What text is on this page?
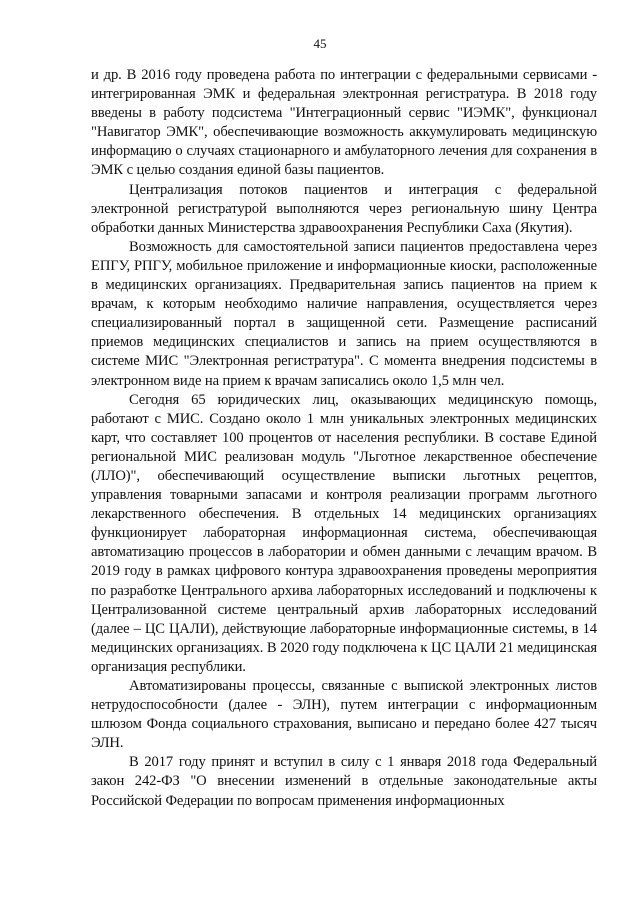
45

и др. В 2016 году проведена работа по интеграции с федеральными сервисами - интегрированная ЭМК и федеральная электронная регистратура. В 2018 году введены в работу подсистема "Интеграционный сервис "ИЭМК", функционал "Навигатор ЭМК", обеспечивающие возможность аккумулировать медицинскую информацию о случаях стационарного и амбулаторного лечения для сохранения в ЭМК с целью создания единой базы пациентов.

Централизация потоков пациентов и интеграция с федеральной электронной регистратурой выполняются через региональную шину Центра обработки данных Министерства здравоохранения Республики Саха (Якутия).

Возможность для самостоятельной записи пациентов предоставлена через ЕПГУ, РПГУ, мобильное приложение и информационные киоски, расположенные в медицинских организациях. Предварительная запись пациентов на прием к врачам, к которым необходимо наличие направления, осуществляется через специализированный портал в защищенной сети. Размещение расписаний приемов медицинских специалистов и запись на прием осуществляются в системе МИС "Электронная регистратура". С момента внедрения подсистемы в электронном виде на прием к врачам записались около 1,5 млн чел.

Сегодня 65 юридических лиц, оказывающих медицинскую помощь, работают с МИС. Создано около 1 млн уникальных электронных медицинских карт, что составляет 100 процентов от населения республики. В составе Единой региональной МИС реализован модуль "Льготное лекарственное обеспечение (ЛЛО)", обеспечивающий осуществление выписки льготных рецептов, управления товарными запасами и контроля реализации программ льготного лекарственного обеспечения. В отдельных 14 медицинских организациях функционирует лабораторная информационная система, обеспечивающая автоматизацию процессов в лаборатории и обмен данными с лечащим врачом. В 2019 году в рамках цифрового контура здравоохранения проведены мероприятия по разработке Центрального архива лабораторных исследований и подключены к Централизованной системе центральный архив лабораторных исследований (далее – ЦС ЦАЛИ), действующие лабораторные информационные системы, в 14 медицинских организациях. В 2020 году подключена к ЦС ЦАЛИ 21 медицинская организация республики.

Автоматизированы процессы, связанные с выпиской электронных листов нетрудоспособности (далее - ЭЛН), путем интеграции с информационным шлюзом Фонда социального страхования, выписано и передано более 427 тысяч ЭЛН.

В 2017 году принят и вступил в силу с 1 января 2018 года Федеральный закон 242-ФЗ "О внесении изменений в отдельные законодательные акты Российской Федерации по вопросам применения информационных
